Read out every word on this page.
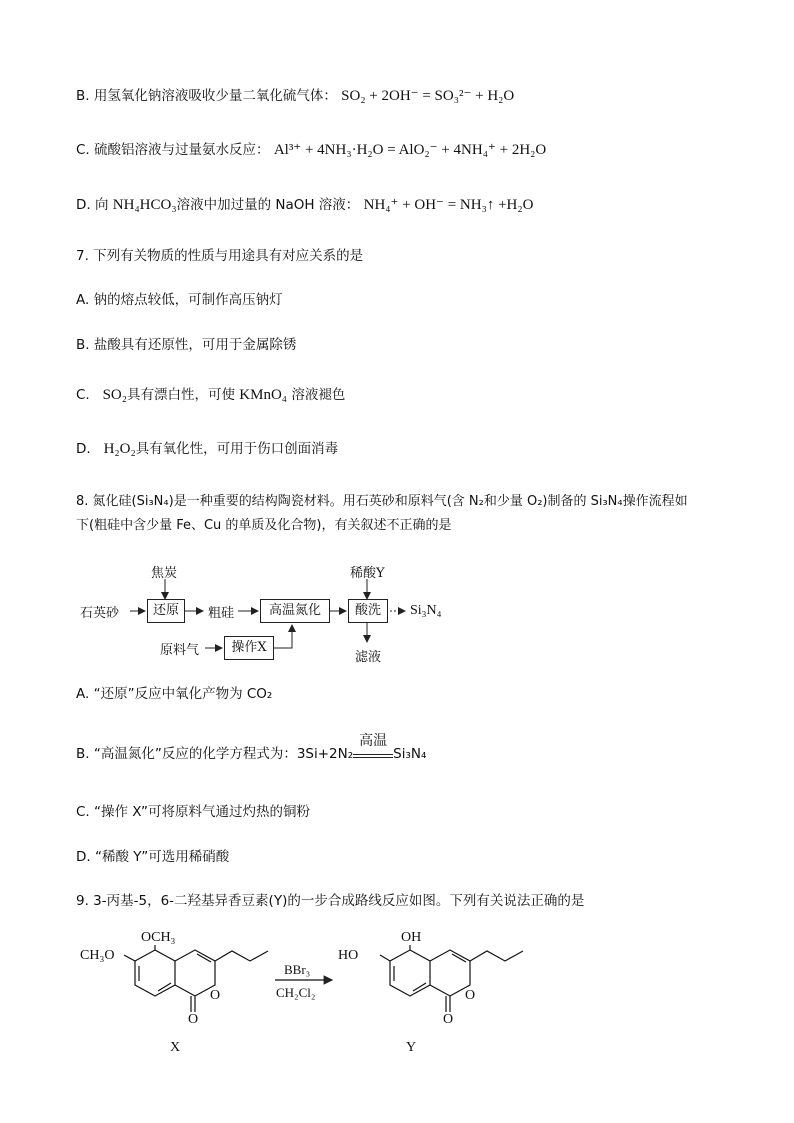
B. 用氢氧化钠溶液吸收少量二氧化硫气体： SO₂ + 2OH⁻ = SO₃²⁻ + H₂O
C. 硫酸铝溶液与过量氨水反应： Al³⁺ + 4NH₃·H₂O = AlO₂⁻ + 4NH₄⁺ + 2H₂O
D. 向 NH₄HCO₃溶液中加过量的 NaOH 溶液： NH₄⁺ + OH⁻ = NH₃↑ +H₂O
7. 下列有关物质的性质与用途具有对应关系的是
A. 钠的熔点较低，可制作高压钠灯
B. 盐酸具有还原性，可用于金属除锈
C. SO₂具有漂白性，可使 KMnO₄ 溶液褪色
D. H₂O₂具有氧化性，可用于伤口创面消毒
8. 氮化硅(Si₃N₄)是一种重要的结构陶瓷材料。用石英砂和原料气(含 N₂和少量 O₂)制备的 Si₃N₄操作流程如
下(粗硅中含少量 Fe、Cu 的单质及化合物)，有关叙述不正确的是
焦炭	稀酸Y
石英砂	还原	粗硅	高温氮化	酸洗	Si₃N₄
原料气	操作X
滤液
A. “还原”反应中氧化产物为 CO₂
B. “高温氮化”反应的化学方程式为：3Si+2N₂
高温
Si₃N₄
C. “操作 X”可将原料气通过灼热的铜粉
D. “稀酸 Y”可选用稀硝酸
9. 3-丙基-5，6-二羟基异香豆素(Y)的一步合成路线反应如图。下列有关说法正确的是
OCH₃
CH₃O
O
O
BBr₃
CH₂Cl₂
OH
HO
O
O
X	Y
